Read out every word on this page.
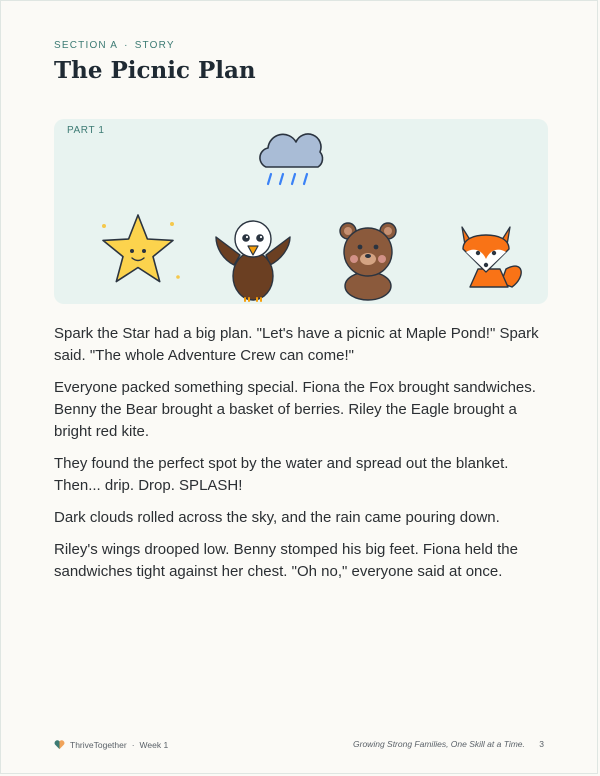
SECTION A · STORY
The Picnic Plan
PART 1

Spark the Star had a big plan. "Let's have a picnic at Maple Pond!" Spark said. "The whole Adventure Crew can come!"

Everyone packed something special. Fiona the Fox brought sandwiches. Benny the Bear brought a basket of berries. Riley the Eagle brought a bright red kite.

They found the perfect spot by the water and spread out the blanket. Then... drip. Drop. SPLASH!

Dark clouds rolled across the sky, and the rain came pouring down.

Riley's wings drooped low. Benny stomped his big feet. Fiona held the sandwiches tight against her chest. "Oh no," everyone said at once.

ThriveTogether · Week 1	Growing Strong Families, One Skill at a Time. 3
